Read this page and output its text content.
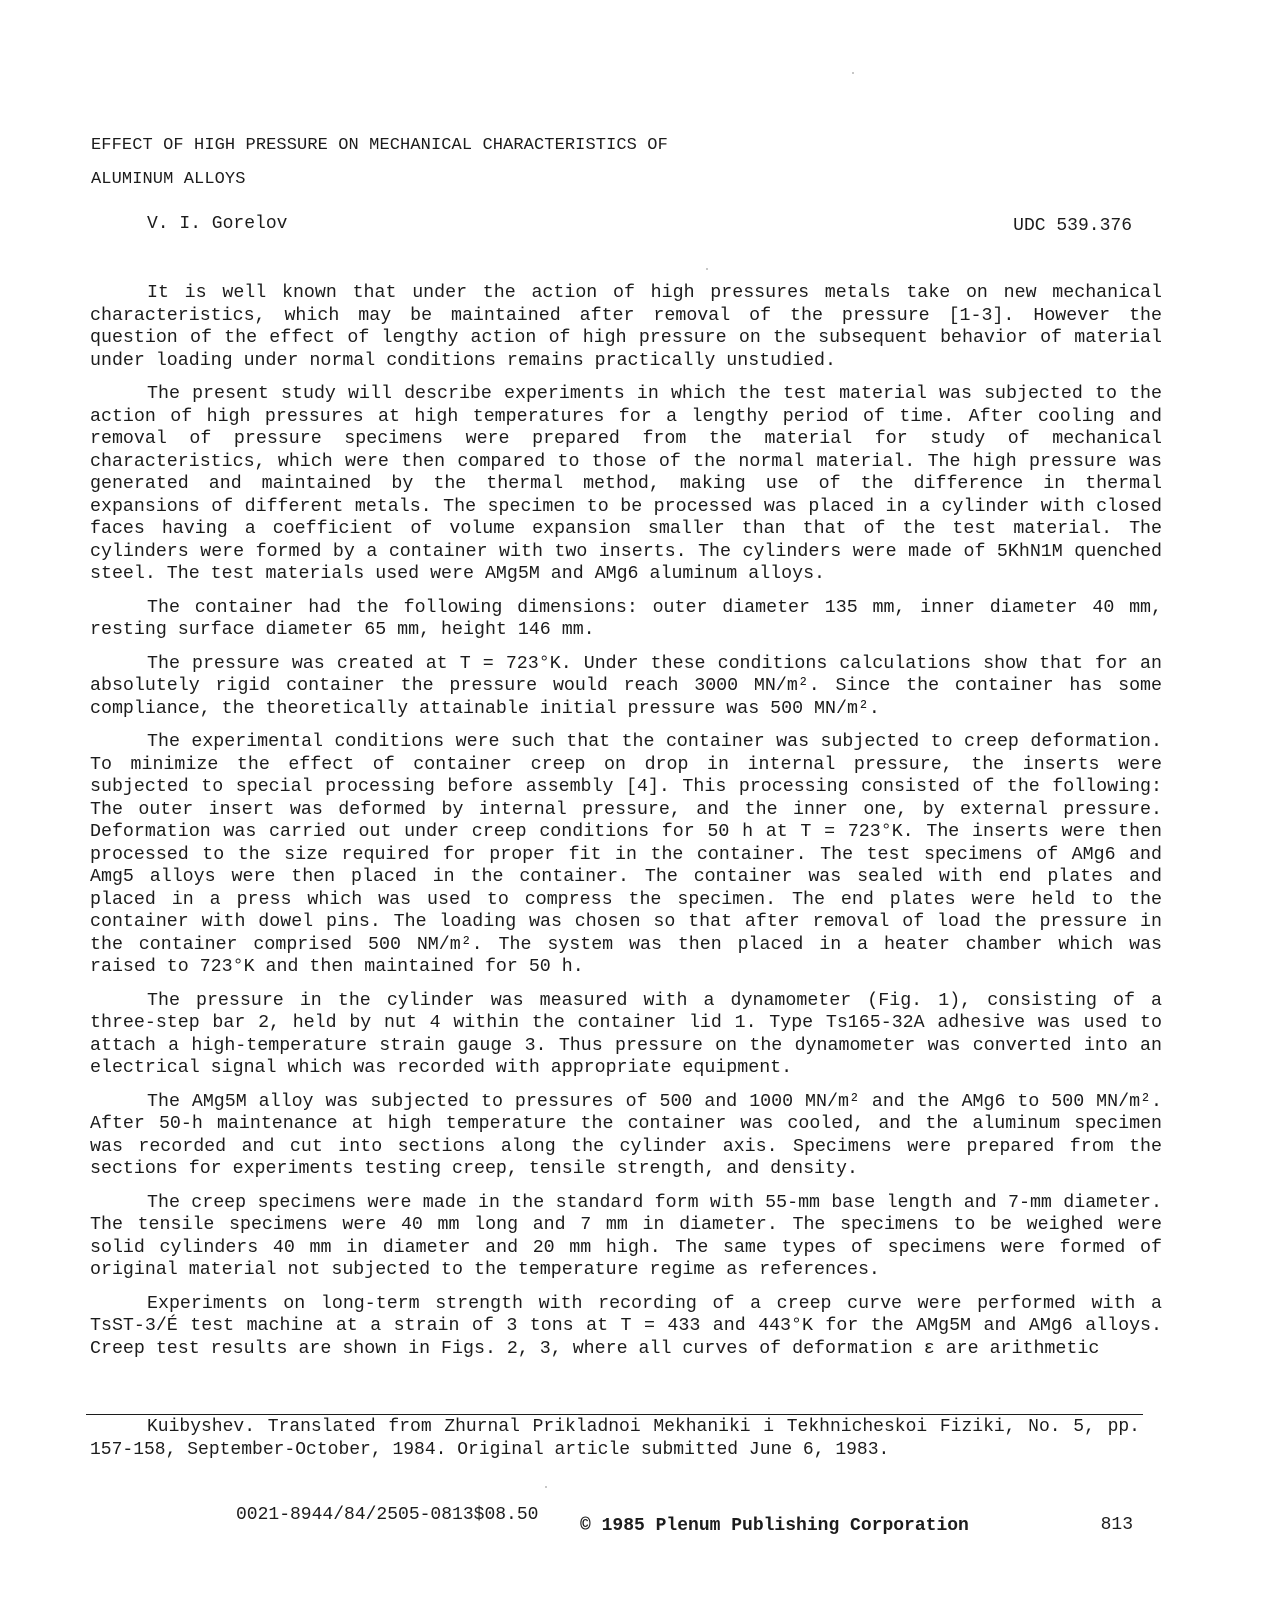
EFFECT OF HIGH PRESSURE ON MECHANICAL CHARACTERISTICS OF
ALUMINUM ALLOYS
V. I. Gorelov	UDC 539.376

It is well known that under the action of high pressures metals take on new mechanical characteristics, which may be maintained after removal of the pressure [1-3]. However the question of the effect of lengthy action of high pressure on the subsequent behavior of material under loading under normal conditions remains practically unstudied.

The present study will describe experiments in which the test material was subjected to the action of high pressures at high temperatures for a lengthy period of time. After cooling and removal of pressure specimens were prepared from the material for study of mechanical characteristics, which were then compared to those of the normal material. The high pressure was generated and maintained by the thermal method, making use of the difference in thermal expansions of different metals. The specimen to be processed was placed in a cylinder with closed faces having a coefficient of volume expansion smaller than that of the test material. The cylinders were formed by a container with two inserts. The cylinders were made of 5KhN1M quenched steel. The test materials used were AMg5M and AMg6 aluminum alloys.

The container had the following dimensions: outer diameter 135 mm, inner diameter 40 mm, resting surface diameter 65 mm, height 146 mm.

The pressure was created at T = 723°K. Under these conditions calculations show that for an absolutely rigid container the pressure would reach 3000 MN/m². Since the container has some compliance, the theoretically attainable initial pressure was 500 MN/m².

The experimental conditions were such that the container was subjected to creep deformation. To minimize the effect of container creep on drop in internal pressure, the inserts were subjected to special processing before assembly [4]. This processing consisted of the following: The outer insert was deformed by internal pressure, and the inner one, by external pressure. Deformation was carried out under creep conditions for 50 h at T = 723°K. The inserts were then processed to the size required for proper fit in the container. The test specimens of AMg6 and Amg5 alloys were then placed in the container. The container was sealed with end plates and placed in a press which was used to compress the specimen. The end plates were held to the container with dowel pins. The loading was chosen so that after removal of load the pressure in the container comprised 500 NM/m². The system was then placed in a heater chamber which was raised to 723°K and then maintained for 50 h.

The pressure in the cylinder was measured with a dynamometer (Fig. 1), consisting of a three-step bar 2, held by nut 4 within the container lid 1. Type Ts165-32A adhesive was used to attach a high-temperature strain gauge 3. Thus pressure on the dynamometer was converted into an electrical signal which was recorded with appropriate equipment.

The AMg5M alloy was subjected to pressures of 500 and 1000 MN/m² and the AMg6 to 500 MN/m². After 50-h maintenance at high temperature the container was cooled, and the aluminum specimen was recorded and cut into sections along the cylinder axis. Specimens were prepared from the sections for experiments testing creep, tensile strength, and density.

The creep specimens were made in the standard form with 55-mm base length and 7-mm diameter. The tensile specimens were 40 mm long and 7 mm in diameter. The specimens to be weighed were solid cylinders 40 mm in diameter and 20 mm high. The same types of specimens were formed of original material not subjected to the temperature regime as references.

Experiments on long-term strength with recording of a creep curve were performed with a TsST-3/É test machine at a strain of 3 tons at T = 433 and 443°K for the AMg5M and AMg6 alloys. Creep test results are shown in Figs. 2, 3, where all curves of deformation ε are arithmetic

Kuibyshev. Translated from Zhurnal Prikladnoi Mekhaniki i Tekhnicheskoi Fiziki, No. 5, pp. 157-158, September-October, 1984. Original article submitted June 6, 1983.

0021-8944/84/2505-0813$08.50
© 1985 Plenum Publishing Corporation	813
